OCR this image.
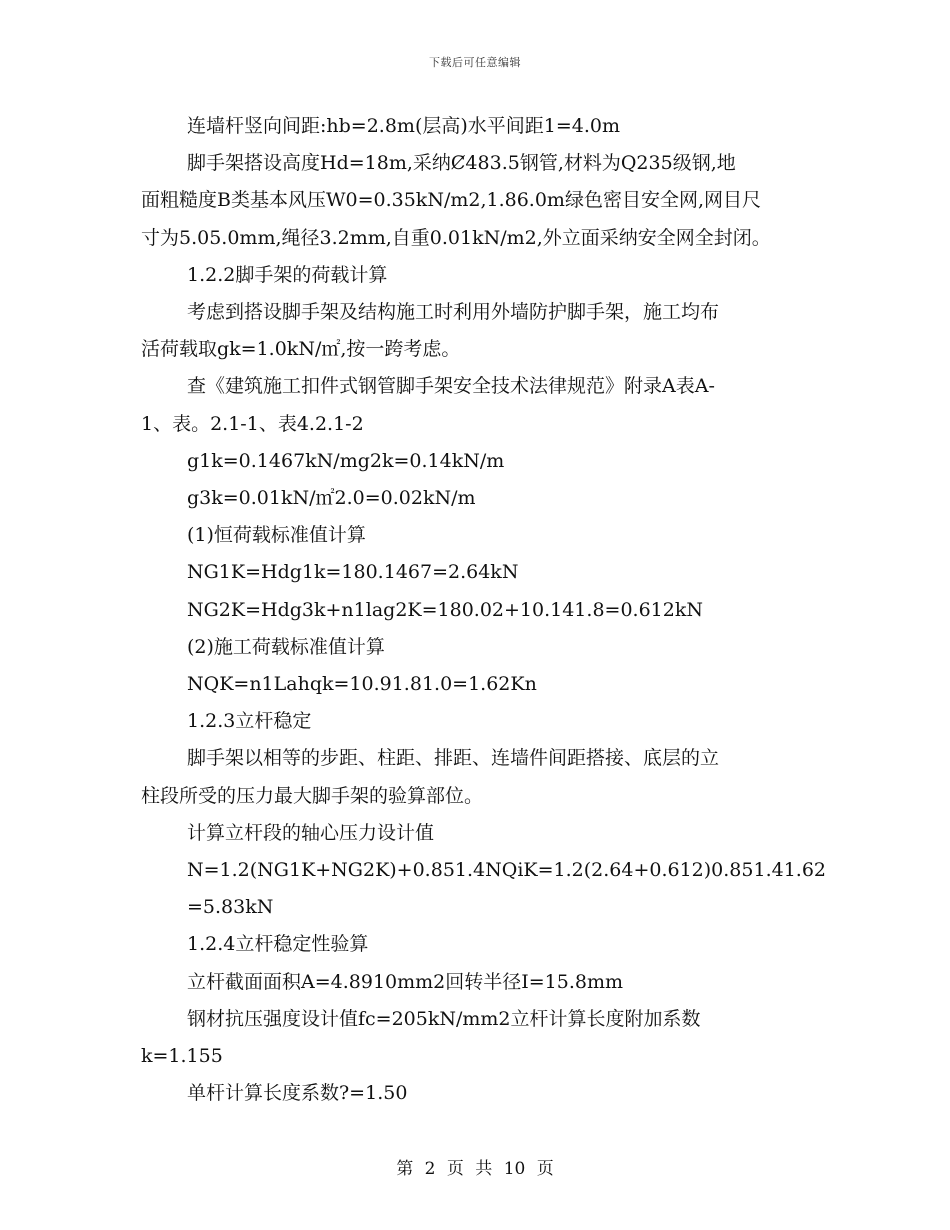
下载后可任意编辑
连墙杆竖向间距:hb=2.8m(层高)水平间距1=4.0m
脚手架搭设高度Hd=18m,采纳Ȼ483.5钢管,材料为Q235级钢,地
面粗糙度B类基本风压W0=0.35kN/m2,1.86.0m绿色密目安全网,网目尺
寸为5.05.0mm,绳径3.2mm,自重0.01kN/m2,外立面采纳安全网全封闭。
1.2.2脚手架的荷载计算
考虑到搭设脚手架及结构施工时利用外墙防护脚手架，施工均布
活荷载取gk=1.0kN/㎡,按一跨考虑。
查《建筑施工扣件式钢管脚手架安全技术法律规范》附录A表A-
1、表。2.1-1、表4.2.1-2
g1k=0.1467kN/mg2k=0.14kN/m
g3k=0.01kN/㎡2.0=0.02kN/m
(1)恒荷载标准值计算
NG1K=Hdg1k=180.1467=2.64kN
NG2K=Hdg3k+n1lag2K=180.02+10.141.8=0.612kN
(2)施工荷载标准值计算
NQK=n1Lahqk=10.91.81.0=1.62Kn
1.2.3立杆稳定
脚手架以相等的步距、柱距、排距、连墙件间距搭接、底层的立
柱段所受的压力最大脚手架的验算部位。
计算立杆段的轴心压力设计值
N=1.2(NG1K+NG2K)+0.851.4NQiK=1.2(2.64+0.612)0.851.41.62
=5.83kN
1.2.4立杆稳定性验算
立杆截面面积A=4.8910mm2回转半径I=15.8mm
钢材抗压强度设计值fc=205kN/mm2立杆计算长度附加系数
k=1.155
单杆计算长度系数?=1.50
第 2 页 共 10 页
